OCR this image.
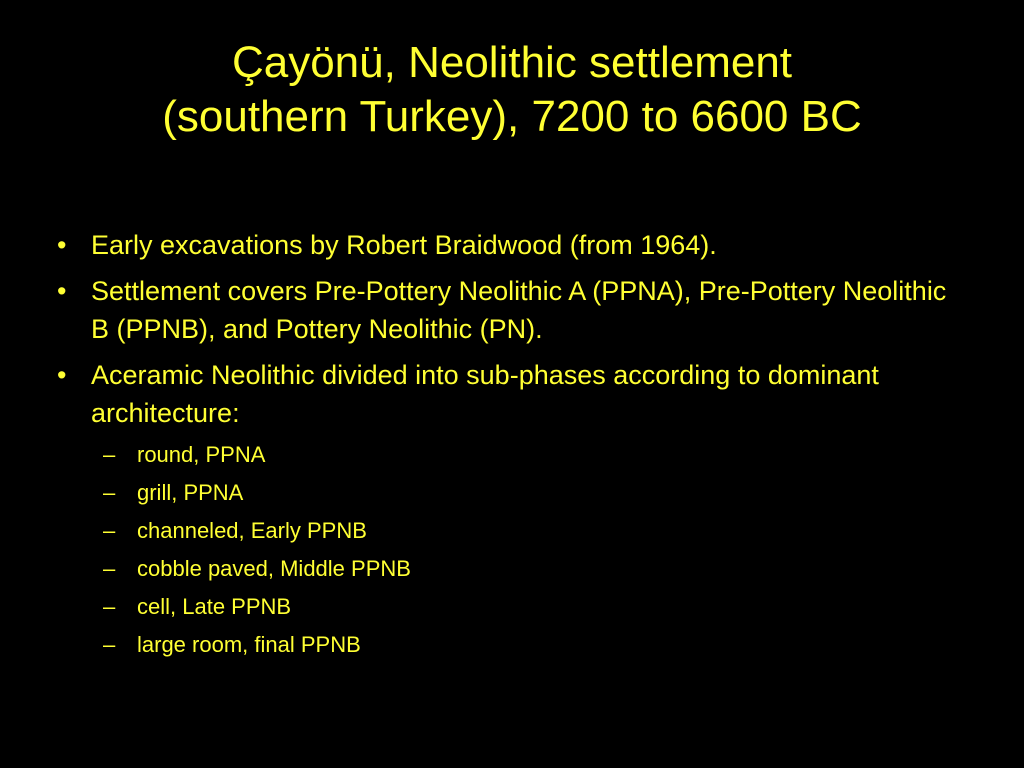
Çayönü, Neolithic settlement
(southern Turkey), 7200 to 6600 BC
• Early excavations by Robert Braidwood (from 1964).
• Settlement covers Pre-Pottery Neolithic A (PPNA), Pre-Pottery Neolithic B (PPNB), and Pottery Neolithic (PN).
• Aceramic Neolithic divided into sub-phases according to dominant architecture:
– round, PPNA
– grill, PPNA
– channeled, Early PPNB
– cobble paved, Middle PPNB
– cell, Late PPNB
– large room, final PPNB
